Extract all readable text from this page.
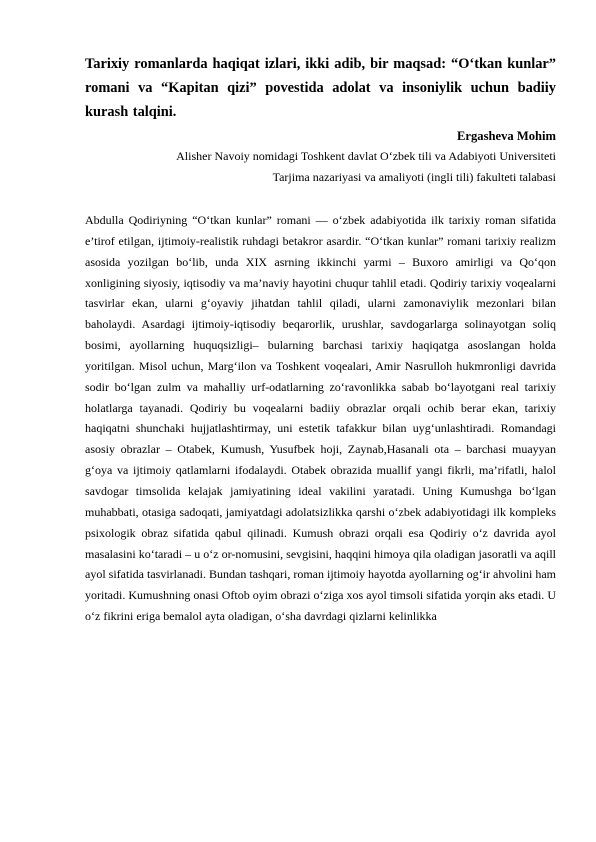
Tarixiy romanlarda haqiqat izlari, ikki adib, bir maqsad: “O‘tkan kunlar” romani va “Kapitan qizi” povestida adolat va insoniylik uchun badiiy kurash talqini.

Ergasheva Mohim

Alisher Navoiy nomidagi Toshkent davlat O‘zbek tili va Adabiyoti Universiteti

Tarjima nazariyasi va amaliyoti (ingli tili) fakulteti talabasi

Abdulla Qodiriyning “O‘tkan kunlar” romani — o‘zbek adabiyotida ilk tarixiy roman sifatida e’tirof etilgan, ijtimoiy-realistik ruhdagi betakror asardir. “O‘tkan kunlar” romani tarixiy realizm asosida yozilgan bo‘lib, unda XIX asrning ikkinchi yarmi – Buxoro amirligi va Qo‘qon xonligining siyosiy, iqtisodiy va ma’naviy hayotini chuqur tahlil etadi. Qodiriy tarixiy voqealarni tasvirlar ekan, ularni g‘oyaviy jihatdan tahlil qiladi, ularni zamonaviylik mezonlari bilan baholaydi. Asardagi ijtimoiy-iqtisodiy beqarorlik, urushlar, savdogarlarga solinayotgan soliq bosimi, ayollarning huquqsizligi– bularning barchasi tarixiy haqiqatga asoslangan holda yoritilgan. Misol uchun, Marg‘ilon va Toshkent voqealari, Amir Nasrulloh hukmronligi davrida sodir bo‘lgan zulm va mahalliy urf-odatlarning zo‘ravonlikka sabab bo‘layotgani real tarixiy holatlarga tayanadi. Qodiriy bu voqealarni badiiy obrazlar orqali ochib berar ekan, tarixiy haqiqatni shunchaki hujjatlashtirmay, uni estetik tafakkur bilan uyg‘unlashtiradi. Romandagi asosiy obrazlar – Otabek, Kumush, Yusufbek hoji, Zaynab,Hasanali ota – barchasi muayyan g‘oya va ijtimoiy qatlamlarni ifodalaydi. Otabek obrazida muallif yangi fikrli, ma’rifatli, halol savdogar timsolida kelajak jamiyatining ideal vakilini yaratadi. Uning Kumushga bo‘lgan muhabbati, otasiga sadoqati, jamiyatdagi adolatsizlikka qarshi o‘zbek adabiyotidagi ilk kompleks psixologik obraz sifatida qabul qilinadi. Kumush obrazi orqali esa Qodiriy o‘z davrida ayol masalasini ko‘taradi – u o‘z or-nomusini, sevgisini, haqqini himoya qila oladigan jasoratli va aqill ayol sifatida tasvirlanadi. Bundan tashqari, roman ijtimoiy hayotda ayollarning og‘ir ahvolini ham yoritadi. Kumushning onasi Oftob oyim obrazi o‘ziga xos ayol timsoli sifatida yorqin aks etadi. U o‘z fikrini eriga bemalol ayta oladigan, o‘sha davrdagi qizlarni kelinlikka
